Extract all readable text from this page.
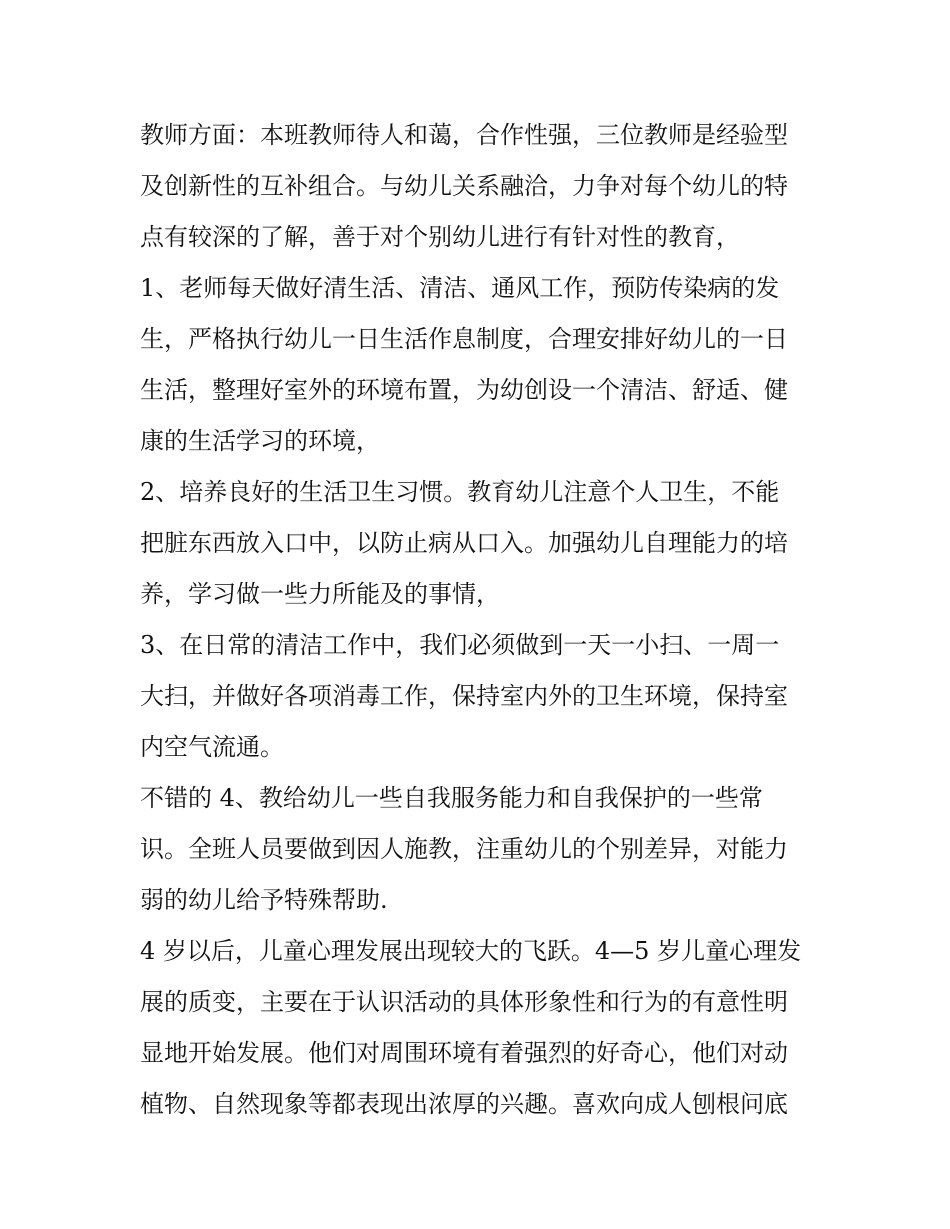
教师方面：本班教师待人和蔼，合作性强，三位教师是经验型
及创新性的互补组合。与幼儿关系融洽，力争对每个幼儿的特
点有较深的了解，善于对个别幼儿进行有针对性的教育，
1、老师每天做好清生活、清洁、通风工作，预防传染病的发
生，严格执行幼儿一日生活作息制度，合理安排好幼儿的一日
生活，整理好室外的环境布置，为幼创设一个清洁、舒适、健
康的生活学习的环境，
2、培养良好的生活卫生习惯。教育幼儿注意个人卫生，不能
把脏东西放入口中，以防止病从口入。加强幼儿自理能力的培
养，学习做一些力所能及的事情，
3、在日常的清洁工作中，我们必须做到一天一小扫、一周一
大扫，并做好各项消毒工作，保持室内外的卫生环境，保持室
内空气流通。
不错的 4、教给幼儿一些自我服务能力和自我保护的一些常
识。全班人员要做到因人施教，注重幼儿的个别差异，对能力
弱的幼儿给予特殊帮助.
4 岁以后，儿童心理发展出现较大的飞跃。4—5 岁儿童心理发
展的质变，主要在于认识活动的具体形象性和行为的有意性明
显地开始发展。他们对周围环境有着强烈的好奇心，他们对动
植物、自然现象等都表现出浓厚的兴趣。喜欢向成人刨根问底
